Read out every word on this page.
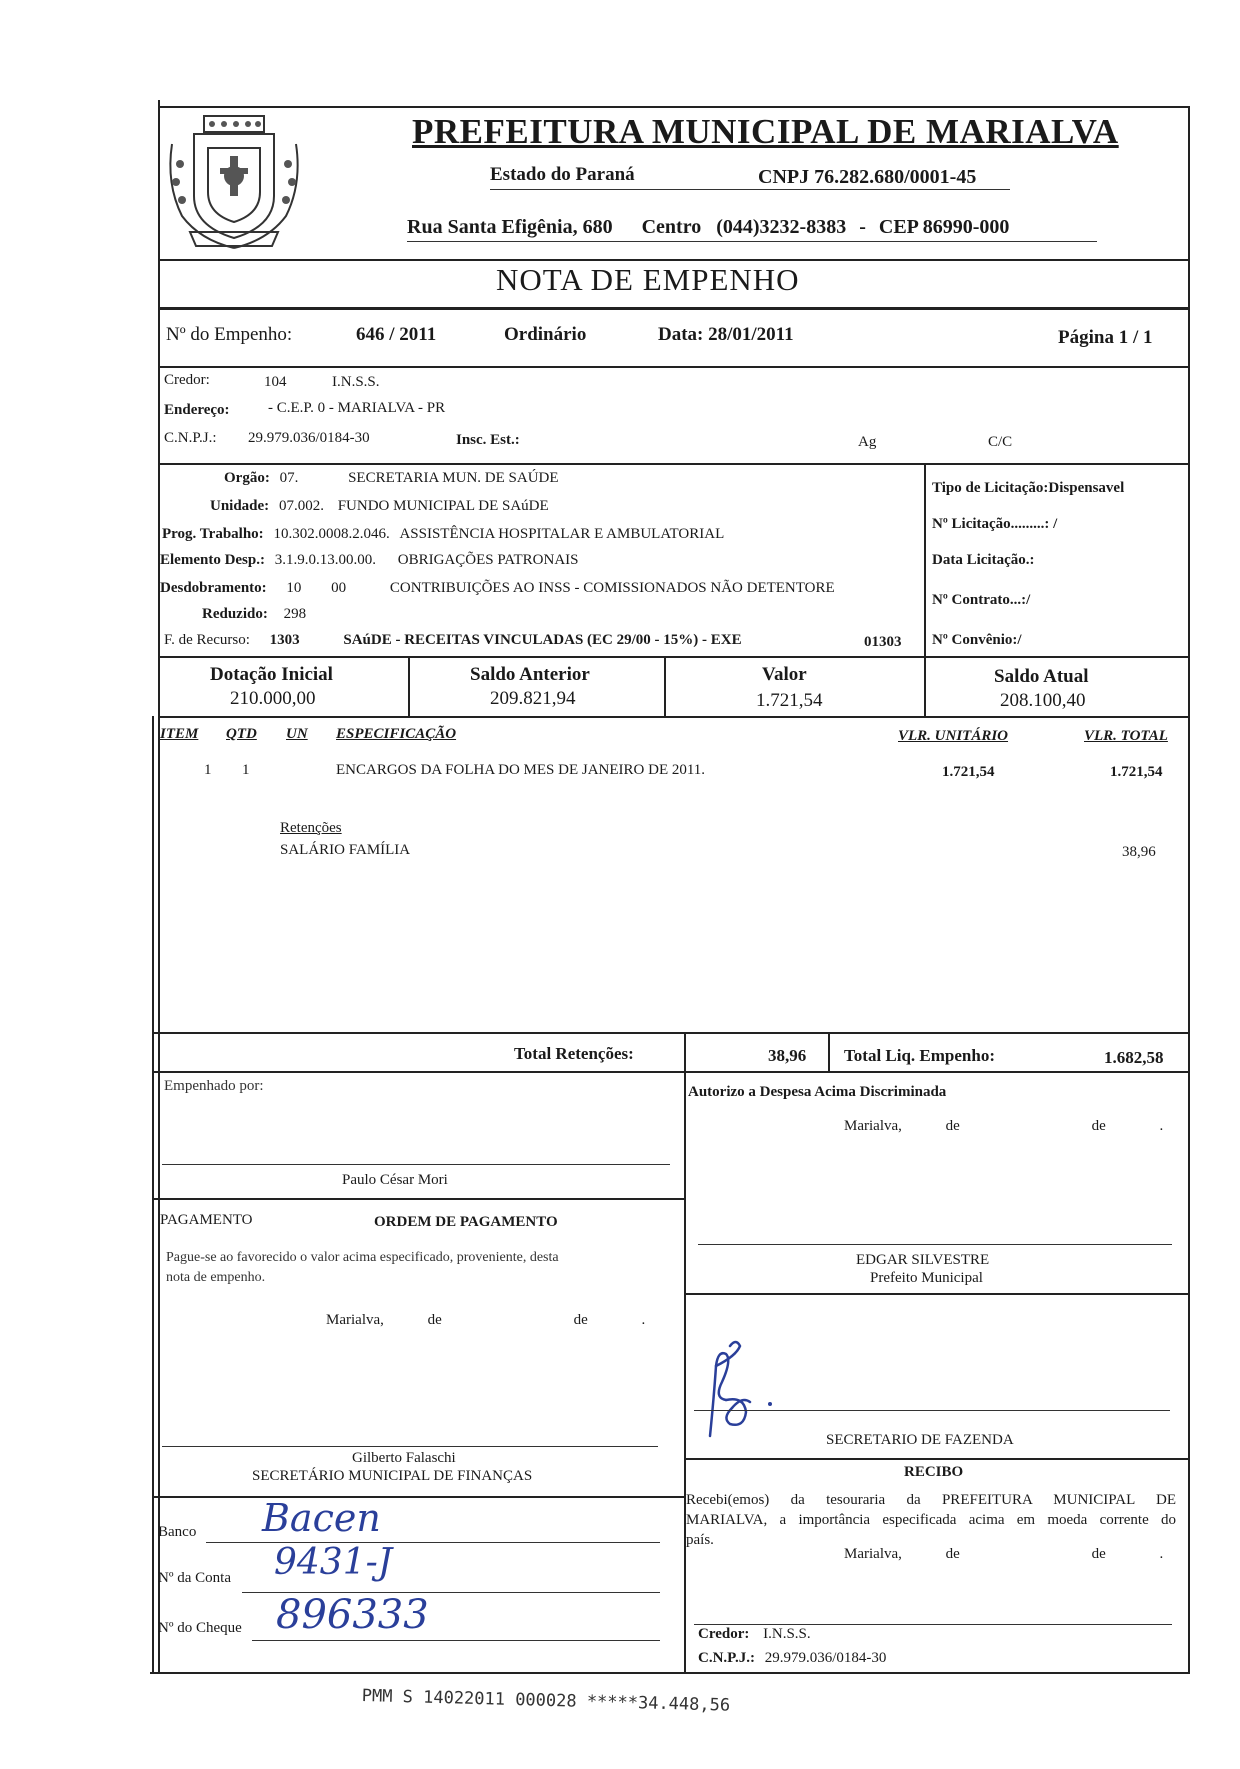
PREFEITURA MUNICIPAL DE MARIALVA
Estado do Paraná	CNPJ 76.282.680/0001-45
Rua Santa Efigênia, 680 Centro (044)3232-8383 - CEP 86990-000
NOTA DE EMPENHO
Nº do Empenho:	646 / 2011	Ordinário	Data: 28/01/2011	Página 1 / 1
Credor:	104	I.N.S.S.
Endereço:	- C.E.P. 0 - MARIALVA - PR
C.N.P.J.: 29.979.036/0184-30	Insc. Est.:	Ag	C/C
Orgão: 07.	SECRETARIA MUN. DE SAÚDE
Unidade: 07.002. FUNDO MUNICIPAL DE SAúDE
Prog. Trabalho: 10.302.0008.2.046. ASSISTÊNCIA HOSPITALAR E AMBULATORIAL
Elemento Desp.: 3.1.9.0.13.00.00. OBRIGAÇÕES PATRONAIS
Desdobramento: 10 00	CONTRIBUIÇÕES AO INSS - COMISSIONADOS NÃO DETENTORE
Reduzido: 298
F. de Recurso: 1303	SAúDE - RECEITAS VINCULADAS (EC 29/00 - 15%) - EXE	01303
Tipo de Licitação:Dispensavel
Nº Licitação.........: /
Data Licitação.:
Nº Contrato...:/
Nº Convênio:/
Dotação Inicial
210.000,00
Saldo Anterior
209.821,94
Valor
1.721,54
Saldo Atual
208.100,40
ITEM QTD UN ESPECIFICAÇÃO	VLR. UNITÁRIO	VLR. TOTAL
1 1	ENCARGOS DA FOLHA DO MES DE JANEIRO DE 2011.	1.721,54	1.721,54
Retenções
SALÁRIO FAMÍLIA	38,96
Total Retenções:	38,96 Total Liq. Empenho:	1.682,58
Empenhado por:
Paulo César Mori
Autorizo a Despesa Acima Discriminada
Marialva,	de	de	.
EDGAR SILVESTRE
Prefeito Municipal
PAGAMENTO	ORDEM DE PAGAMENTO
Pague-se ao favorecido o valor acima especificado, proveniente, desta
nota de empenho.
Marialva,	de	de	.
Gilberto Falaschi
SECRETÁRIO MUNICIPAL DE FINANÇAS
SECRETARIO DE FAZENDA
RECIBO
Recebi(emos) da tesouraria da PREFEITURA MUNICIPAL DE
MARIALVA, a importância especificada acima em moeda corrente do
país.
Marialva,	de	de	.
Credor: I.N.S.S.
C.N.P.J.: 29.979.036/0184-30
Banco Bacen
Nº da Conta 9431-J
Nº do Cheque 896333
PMM S 14022011 000028 *****34.448,56
